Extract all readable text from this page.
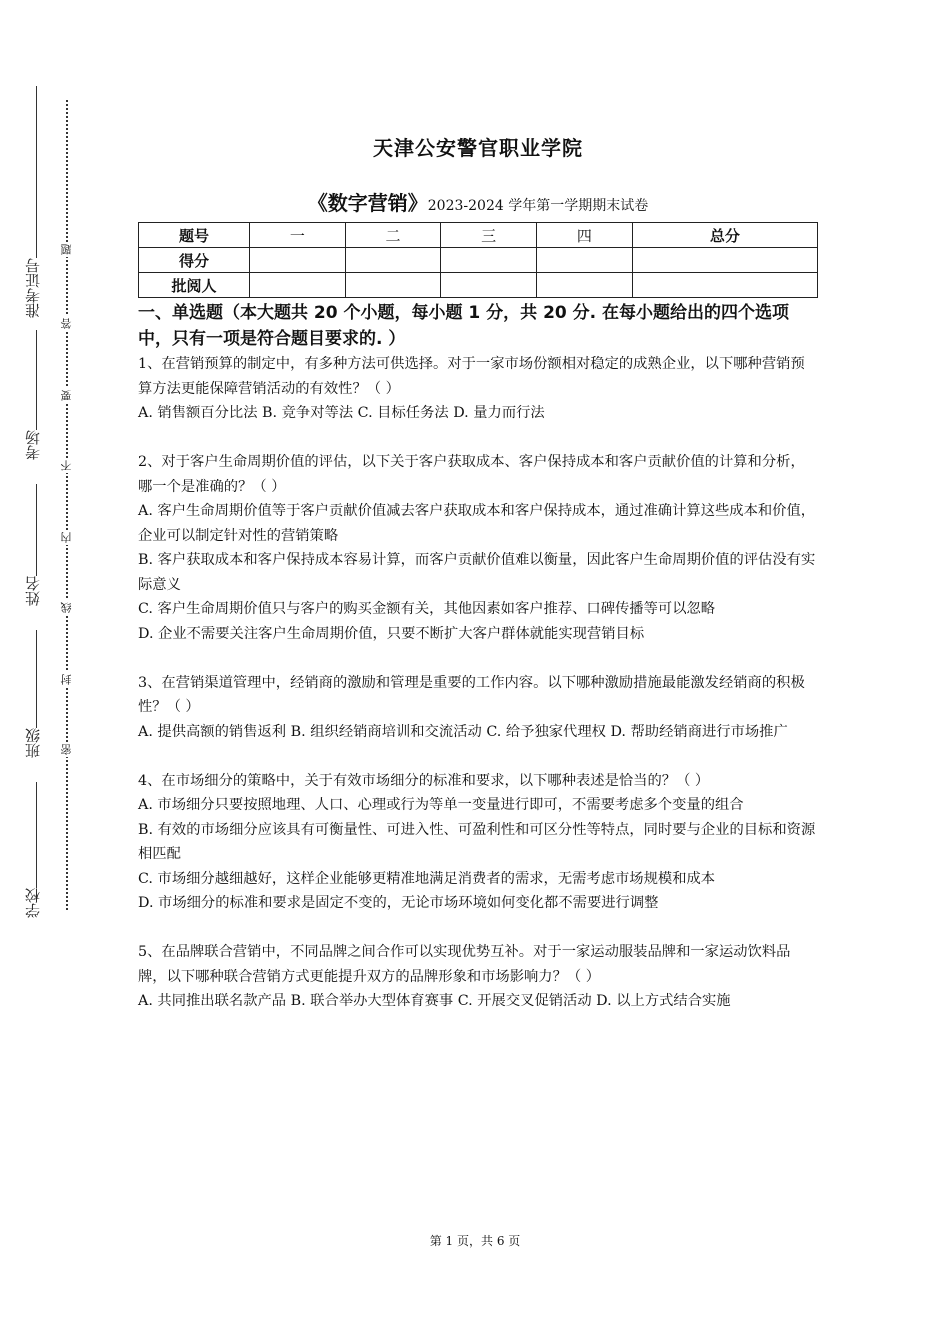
准考证号
考场
姓名
班级
学校
题
答
要
不
内
线
封
密
天津公安警官职业学院
《数字营销》2023-2024 学年第一学期期末试卷
题号	一	二	三	四	总分
得分					
批阅人					
一、单选题（本大题共 20 个小题，每小题 1 分，共 20 分. 在每小题给出的四个选项中，只有一项是符合题目要求的. ）

1、在营销预算的制定中，有多种方法可供选择。对于一家市场份额相对稳定的成熟企业，以下哪种营销预算方法更能保障营销活动的有效性？（ ）

A. 销售额百分比法 B. 竞争对等法 C. 目标任务法 D. 量力而行法

2、对于客户生命周期价值的评估，以下关于客户获取成本、客户保持成本和客户贡献价值的计算和分析，哪一个是准确的？（ ）

A. 客户生命周期价值等于客户贡献价值减去客户获取成本和客户保持成本，通过准确计算这些成本和价值，企业可以制定针对性的营销策略

B. 客户获取成本和客户保持成本容易计算，而客户贡献价值难以衡量，因此客户生命周期价值的评估没有实际意义

C. 客户生命周期价值只与客户的购买金额有关，其他因素如客户推荐、口碑传播等可以忽略

D. 企业不需要关注客户生命周期价值，只要不断扩大客户群体就能实现营销目标

3、在营销渠道管理中，经销商的激励和管理是重要的工作内容。以下哪种激励措施最能激发经销商的积极性？（ ）

A. 提供高额的销售返利 B. 组织经销商培训和交流活动 C. 给予独家代理权 D. 帮助经销商进行市场推广

4、在市场细分的策略中，关于有效市场细分的标准和要求，以下哪种表述是恰当的？（ ）

A. 市场细分只要按照地理、人口、心理或行为等单一变量进行即可，不需要考虑多个变量的组合

B. 有效的市场细分应该具有可衡量性、可进入性、可盈利性和可区分性等特点，同时要与企业的目标和资源相匹配

C. 市场细分越细越好，这样企业能够更精准地满足消费者的需求，无需考虑市场规模和成本

D. 市场细分的标准和要求是固定不变的，无论市场环境如何变化都不需要进行调整

5、在品牌联合营销中，不同品牌之间合作可以实现优势互补。对于一家运动服装品牌和一家运动饮料品牌，以下哪种联合营销方式更能提升双方的品牌形象和市场影响力？（ ）

A. 共同推出联名款产品 B. 联合举办大型体育赛事 C. 开展交叉促销活动 D. 以上方式结合实施

第 1 页，共 6 页
